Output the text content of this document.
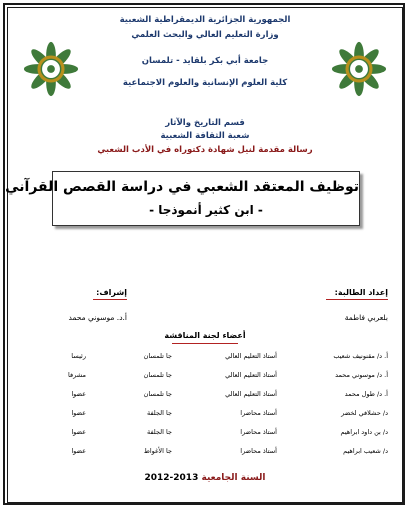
الجمهورية الجزائرية الديمقراطية الشعبية
وزارة التعليم العالي والبحث العلمي
جامعة أبي بكر بلقايد - تلمسان
كلية العلوم الإنسانية والعلوم الاجتماعية
قسم التاريخ والآثار
شعبة الثقافة الشعبية
رسالة مقدمة لنيل شهادة دكتوراه في الأدب الشعبي
توظيف المعتقد الشعبي في دراسة القصص القرآني
- ابن كثير أنموذجا -
إعداد الطالبة:
بلعربي فاطمة
إشراف:
أ.د. موسوني محمد
أعضاء لجنة المناقشة
أ. د/ مقنونيف شعيب
أستاذ التعليم العالي
جا تلمسان
رئيسا
أ. د/ موسوني محمد
أستاذ التعليم العالي
جا تلمسان
مشرفا
أ. د/ طول محمد
أستاذ التعليم العالي
جا تلمسان
عضوا
د/ حشلافي لخضر
أستاذ محاضرا
جا الجلفة
عضوا
د/ بن داود ابراهيم
أستاذ محاضرا
جا الجلفة
عضوا
د/ شعيب ابراهيم
أستاذ محاضرا
جا الأغواط
عضوا
السنة الجامعية 2012-2013
